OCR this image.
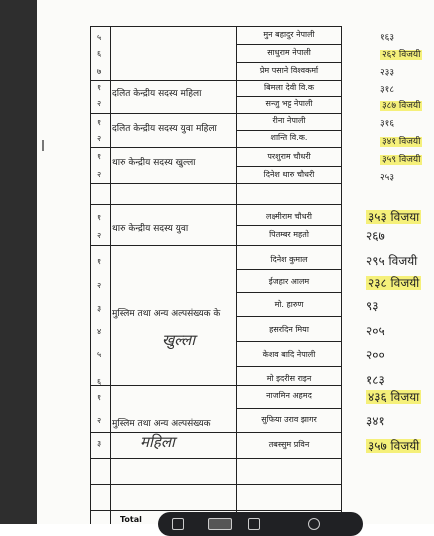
५
६
७
१
२
१
२
१
२
१
२
१
२
३
४
५
६
१
२
३
दलित केन्द्रीय सदस्य महिला
दलित केन्द्रीय सदस्य युवा महिला
थारु केन्द्रीय सदस्य खुल्ला
थारु केन्द्रीय सदस्य युवा
मुस्लिम तथा अन्य अल्पसंख्यक के
मुस्लिम तथा अन्य अल्पसंख्यक
खुल्ला
महिला
मुन बहादुर नेपाली
साधुराम नेपाली
प्रेम पसाने विश्वकर्मा
बिमला देवी वि.क
सन्जु भट्ट नेपाली
रीना नेपाली
शान्ति वि.क.
परशुराम चौधरी
दिनेश थारु चौधरी
लक्ष्मीराम चौधरी
पितम्बर महतो
दिनेश कुमाल
ईजहार आलम
मो. हारुण
हसरदिन मिया
केशव बादि नेपाली
मो इदरीस राइन
नाजमिन अहमद
सुफिया उराव झागर
तबस्सुम प्रविन
१६३
२६२ विजयी
२३३
३१८
३८७ विजयी
३१६
३४१ विजयी
३५९ विजयी
२५३
३५३ विजया
२६७
२९५ विजयी
२३८ विजयी
९३
२०५
२००
१८३
४३६ विजया
३४१
३५७ विजयी
Total
